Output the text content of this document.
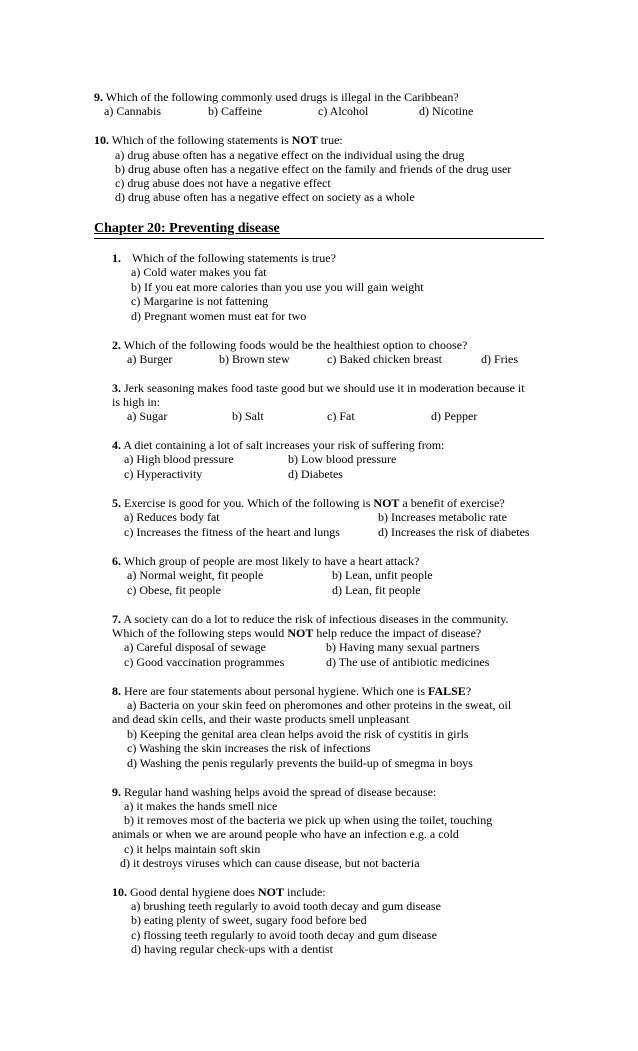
9. Which of the following commonly used drugs is illegal in the Caribbean?
a) Cannabis	b) Caffeine	c) Alcohol	d) Nicotine
10. Which of the following statements is NOT true:
a) drug abuse often has a negative effect on the individual using the drug
b) drug abuse often has a negative effect on the family and friends of the drug user
c) drug abuse does not have a negative effect
d) drug abuse often has a negative effect on society as a whole
Chapter 20: Preventing disease
1. Which of the following statements is true?
a) Cold water makes you fat
b) If you eat more calories than you use you will gain weight
c) Margarine is not fattening
d) Pregnant women must eat for two
2. Which of the following foods would be the healthiest option to choose?
a) Burger	b) Brown stew	c) Baked chicken breast	d) Fries
3. Jerk seasoning makes food taste good but we should use it in moderation because it
is high in:
a) Sugar	b) Salt	c) Fat	d) Pepper
4. A diet containing a lot of salt increases your risk of suffering from:
a) High blood pressure	b) Low blood pressure
c) Hyperactivity	d) Diabetes
5. Exercise is good for you. Which of the following is NOT a benefit of exercise?
a) Reduces body fat	b) Increases metabolic rate
c) Increases the fitness of the heart and lungs	d) Increases the risk of diabetes
6. Which group of people are most likely to have a heart attack?
a) Normal weight, fit people	b) Lean, unfit people
c) Obese, fit people	d) Lean, fit people
7. A society can do a lot to reduce the risk of infectious diseases in the community.
Which of the following steps would NOT help reduce the impact of disease?
a) Careful disposal of sewage	b) Having many sexual partners
c) Good vaccination programmes	d) The use of antibiotic medicines
8. Here are four statements about personal hygiene. Which one is FALSE?
a) Bacteria on your skin feed on pheromones and other proteins in the sweat, oil
and dead skin cells, and their waste products smell unpleasant
b) Keeping the genital area clean helps avoid the risk of cystitis in girls
c) Washing the skin increases the risk of infections
d) Washing the penis regularly prevents the build-up of smegma in boys
9. Regular hand washing helps avoid the spread of disease because:
a) it makes the hands smell nice
b) it removes most of the bacteria we pick up when using the toilet, touching
animals or when we are around people who have an infection e.g. a cold
c) it helps maintain soft skin
d) it destroys viruses which can cause disease, but not bacteria
10. Good dental hygiene does NOT include:
a) brushing teeth regularly to avoid tooth decay and gum disease
b) eating plenty of sweet, sugary food before bed
c) flossing teeth regularly to avoid tooth decay and gum disease
d) having regular check-ups with a dentist
